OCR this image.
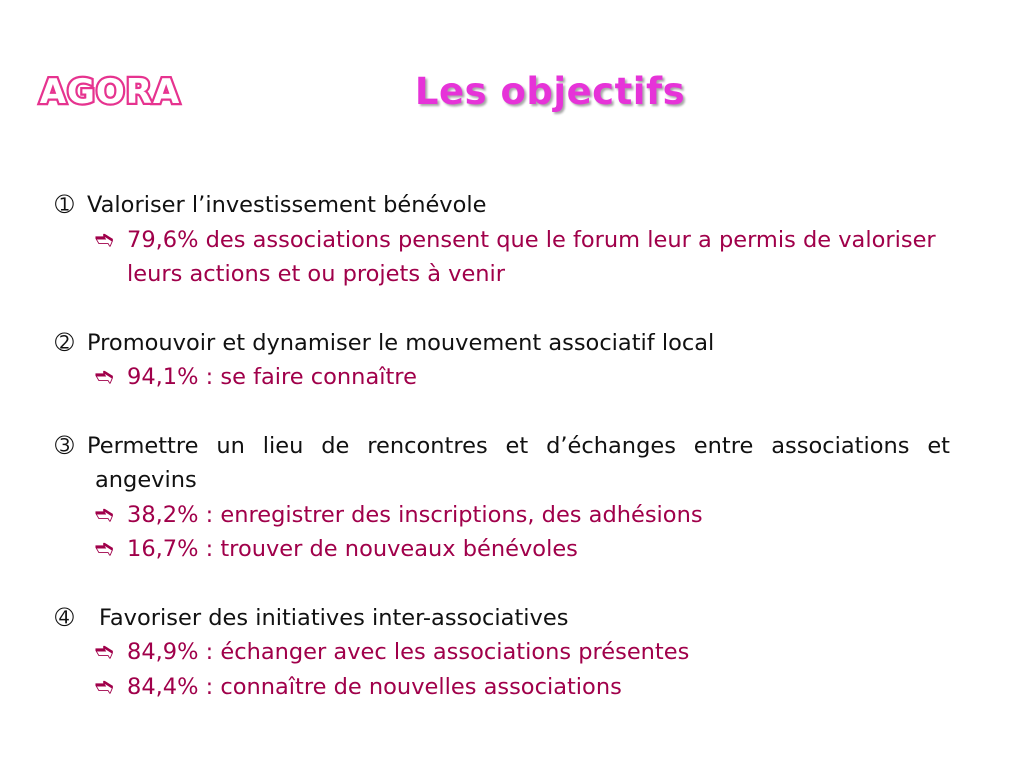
AGORA	Les objectifs
➀ Valoriser l’investissement bénévole
➬ 79,6% des associations pensent que le forum leur a permis de valoriser leurs actions et ou projets à venir
➁ Promouvoir et dynamiser le mouvement associatif local
➬ 94,1% : se faire connaître
➂ Permettre un lieu de rencontres et d’échanges entre associations et angevins
➬ 38,2% : enregistrer des inscriptions, des adhésions
➬ 16,7% : trouver de nouveaux bénévoles
➃ Favoriser des initiatives inter-associatives
➬ 84,9% : échanger avec les associations présentes
➬ 84,4% : connaître de nouvelles associations
